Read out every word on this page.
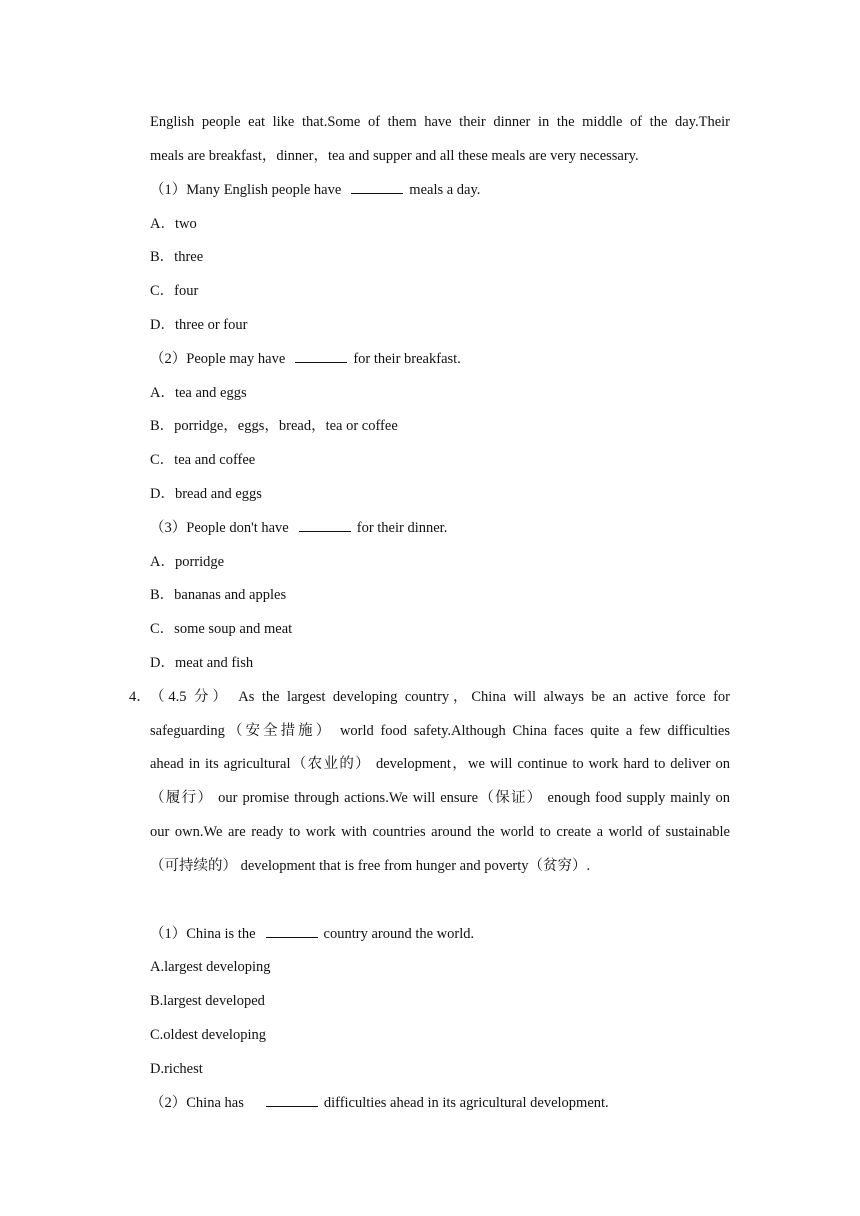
English people eat like that.Some of them have their dinner in the middle of the day.Their
meals are breakfast，dinner，tea and supper and all these meals are very necessary.
（1）Many English people have	meals a day.
A．two
B．three
C．four
D．three or four
（2）People may have	for their breakfast.
A．tea and eggs
B．porridge，eggs，bread，tea or coffee
C．tea and coffee
D．bread and eggs
（3）People don't have	for their dinner.
A．porridge
B．bananas and apples
C．some soup and meat
D．meat and fish
4． （4.5 分） As the largest developing country，China will always be an active force for
safeguarding（安全措施） world food safety.Although China faces quite a few difficulties
ahead in its agricultural（农业的） development，we will continue to work hard to deliver on
（履行） our promise through actions.We will ensure（保证） enough food supply mainly on
our own.We are ready to work with countries around the world to create a world of sustainable
（可持续的） development that is free from hunger and poverty（贫穷）.
（1）China is the	country around the world.
A.largest developing
B.largest developed
C.oldest developing
D.richest
（2）China has	difficulties ahead in its agricultural development.
